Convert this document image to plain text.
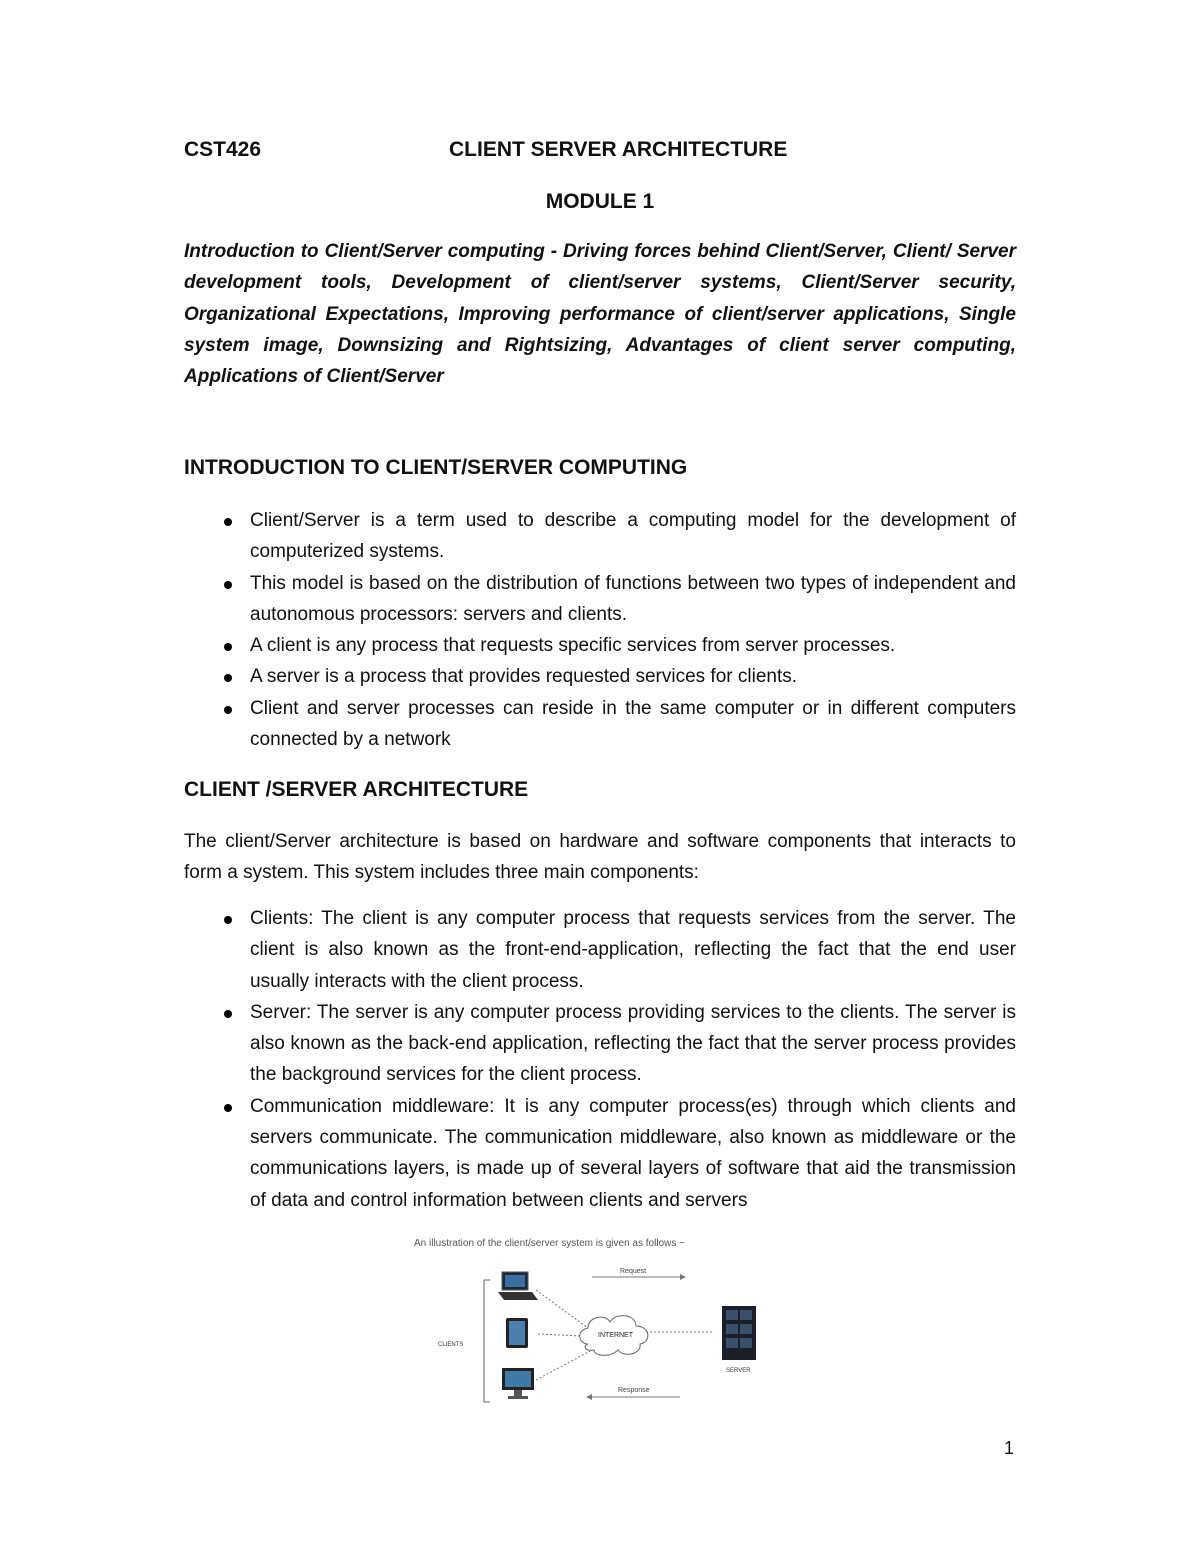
CST426	CLIENT SERVER ARCHITECTURE
MODULE 1

Introduction to Client/Server computing - Driving forces behind Client/Server, Client/ Server development tools, Development of client/server systems, Client/Server security, Organizational Expectations, Improving performance of client/server applications, Single system image, Downsizing and Rightsizing, Advantages of client server computing, Applications of Client/Server

INTRODUCTION TO CLIENT/SERVER COMPUTING
Client/Server is a term used to describe a computing model for the development of computerized systems.
This model is based on the distribution of functions between two types of independent and autonomous processors: servers and clients.
A client is any process that requests specific services from server processes.
A server is a process that provides requested services for clients.
Client and server processes can reside in the same computer or in different computers connected by a network
CLIENT /SERVER ARCHITECTURE

The client/Server architecture is based on hardware and software components that interacts to form a system. This system includes three main components:

Clients: The client is any computer process that requests services from the server. The client is also known as the front-end-application, reflecting the fact that the end user usually interacts with the client process.
Server: The server is any computer process providing services to the clients. The server is also known as the back-end application, reflecting the fact that the server process provides the background services for the client process.
Communication middleware: It is any computer process(es) through which clients and servers communicate. The communication middleware, also known as middleware or the communications layers, is made up of several layers of software that aid the transmission of data and control information between clients and servers
An illustration of the client/server system is given as follows −
Request
Response
CLIENTS
INTERNET
SERVER
1
